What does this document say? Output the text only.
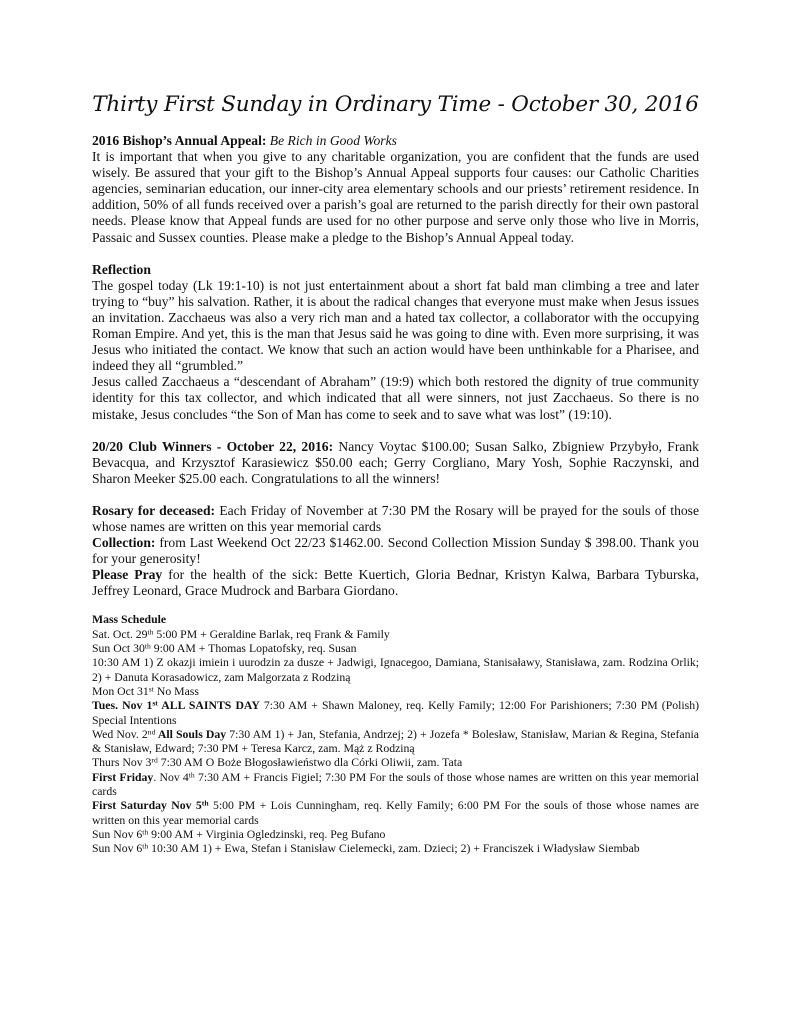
Thirty First Sunday in Ordinary Time - October 30, 2016

2016 Bishop’s Annual Appeal: Be Rich in Good Works
It is important that when you give to any charitable organization, you are confident that the funds are used wisely. Be assured that your gift to the Bishop’s Annual Appeal supports four causes: our Catholic Charities agencies, seminarian education, our inner-city area elementary schools and our priests’ retirement residence. In addition, 50% of all funds received over a parish’s goal are returned to the parish directly for their own pastoral needs. Please know that Appeal funds are used for no other purpose and serve only those who live in Morris, Passaic and Sussex counties. Please make a pledge to the Bishop’s Annual Appeal today.

Reflection

The gospel today (Lk 19:1-10) is not just entertainment about a short fat bald man climbing a tree and later trying to “buy” his salvation. Rather, it is about the radical changes that everyone must make when Jesus issues an invitation. Zacchaeus was also a very rich man and a hated tax collector, a collaborator with the occupying Roman Empire. And yet, this is the man that Jesus said he was going to dine with. Even more surprising, it was Jesus who initiated the contact. We know that such an action would have been unthinkable for a Pharisee, and indeed they all “grumbled.”

Jesus called Zacchaeus a “descendant of Abraham” (19:9) which both restored the dignity of true community identity for this tax collector, and which indicated that all were sinners, not just Zacchaeus. So there is no mistake, Jesus concludes “the Son of Man has come to seek and to save what was lost” (19:10).

20/20 Club Winners - October 22, 2016: Nancy Voytac $100.00; Susan Salko, Zbigniew Przybyło, Frank Bevacqua, and Krzysztof Karasiewicz $50.00 each; Gerry Corgliano, Mary Yosh, Sophie Raczynski, and Sharon Meeker $25.00 each. Congratulations to all the winners!

Rosary for deceased: Each Friday of November at 7:30 PM the Rosary will be prayed for the souls of those whose names are written on this year memorial cards

Collection: from Last Weekend Oct 22/23 $1462.00. Second Collection Mission Sunday $ 398.00. Thank you for your generosity!

Please Pray for the health of the sick: Bette Kuertich, Gloria Bednar, Kristyn Kalwa, Barbara Tyburska, Jeffrey Leonard, Grace Mudrock and Barbara Giordano.

Mass Schedule

Sat. Oct. 29th 5:00 PM + Geraldine Barlak, req Frank & Family

Sun Oct 30th 9:00 AM + Thomas Lopatofsky, req. Susan

10:30 AM 1) Z okazji imiein i uurodzin za dusze + Jadwigi, Ignacegoo, Damiana, Stanisaławy, Stanisława, zam. Rodzina Orlik; 2) + Danuta Korasadowicz, zam Malgorzata z Rodziną

Mon Oct 31st No Mass

Tues. Nov 1st ALL SAINTS DAY 7:30 AM + Shawn Maloney, req. Kelly Family; 12:00 For Parishioners; 7:30 PM (Polish) Special Intentions

Wed Nov. 2nd All Souls Day 7:30 AM 1) + Jan, Stefania, Andrzej; 2) + Jozefa * Bolesław, Stanisław, Marian & Regina, Stefania & Stanisław, Edward; 7:30 PM + Teresa Karcz, zam. Mąż z Rodziną

Thurs Nov 3rd 7:30 AM O Boże Błogosławieństwo dla Córki Oliwii, zam. Tata

First Friday. Nov 4th 7:30 AM + Francis Figiel; 7:30 PM For the souls of those whose names are written on this year memorial cards

First Saturday Nov 5th 5:00 PM + Lois Cunningham, req. Kelly Family; 6:00 PM For the souls of those whose names are written on this year memorial cards

Sun Nov 6th 9:00 AM + Virginia Ogledzinski, req. Peg Bufano

Sun Nov 6th 10:30 AM 1) + Ewa, Stefan i Stanisław Cielemecki, zam. Dzieci; 2) + Franciszek i Władysław Siembab
